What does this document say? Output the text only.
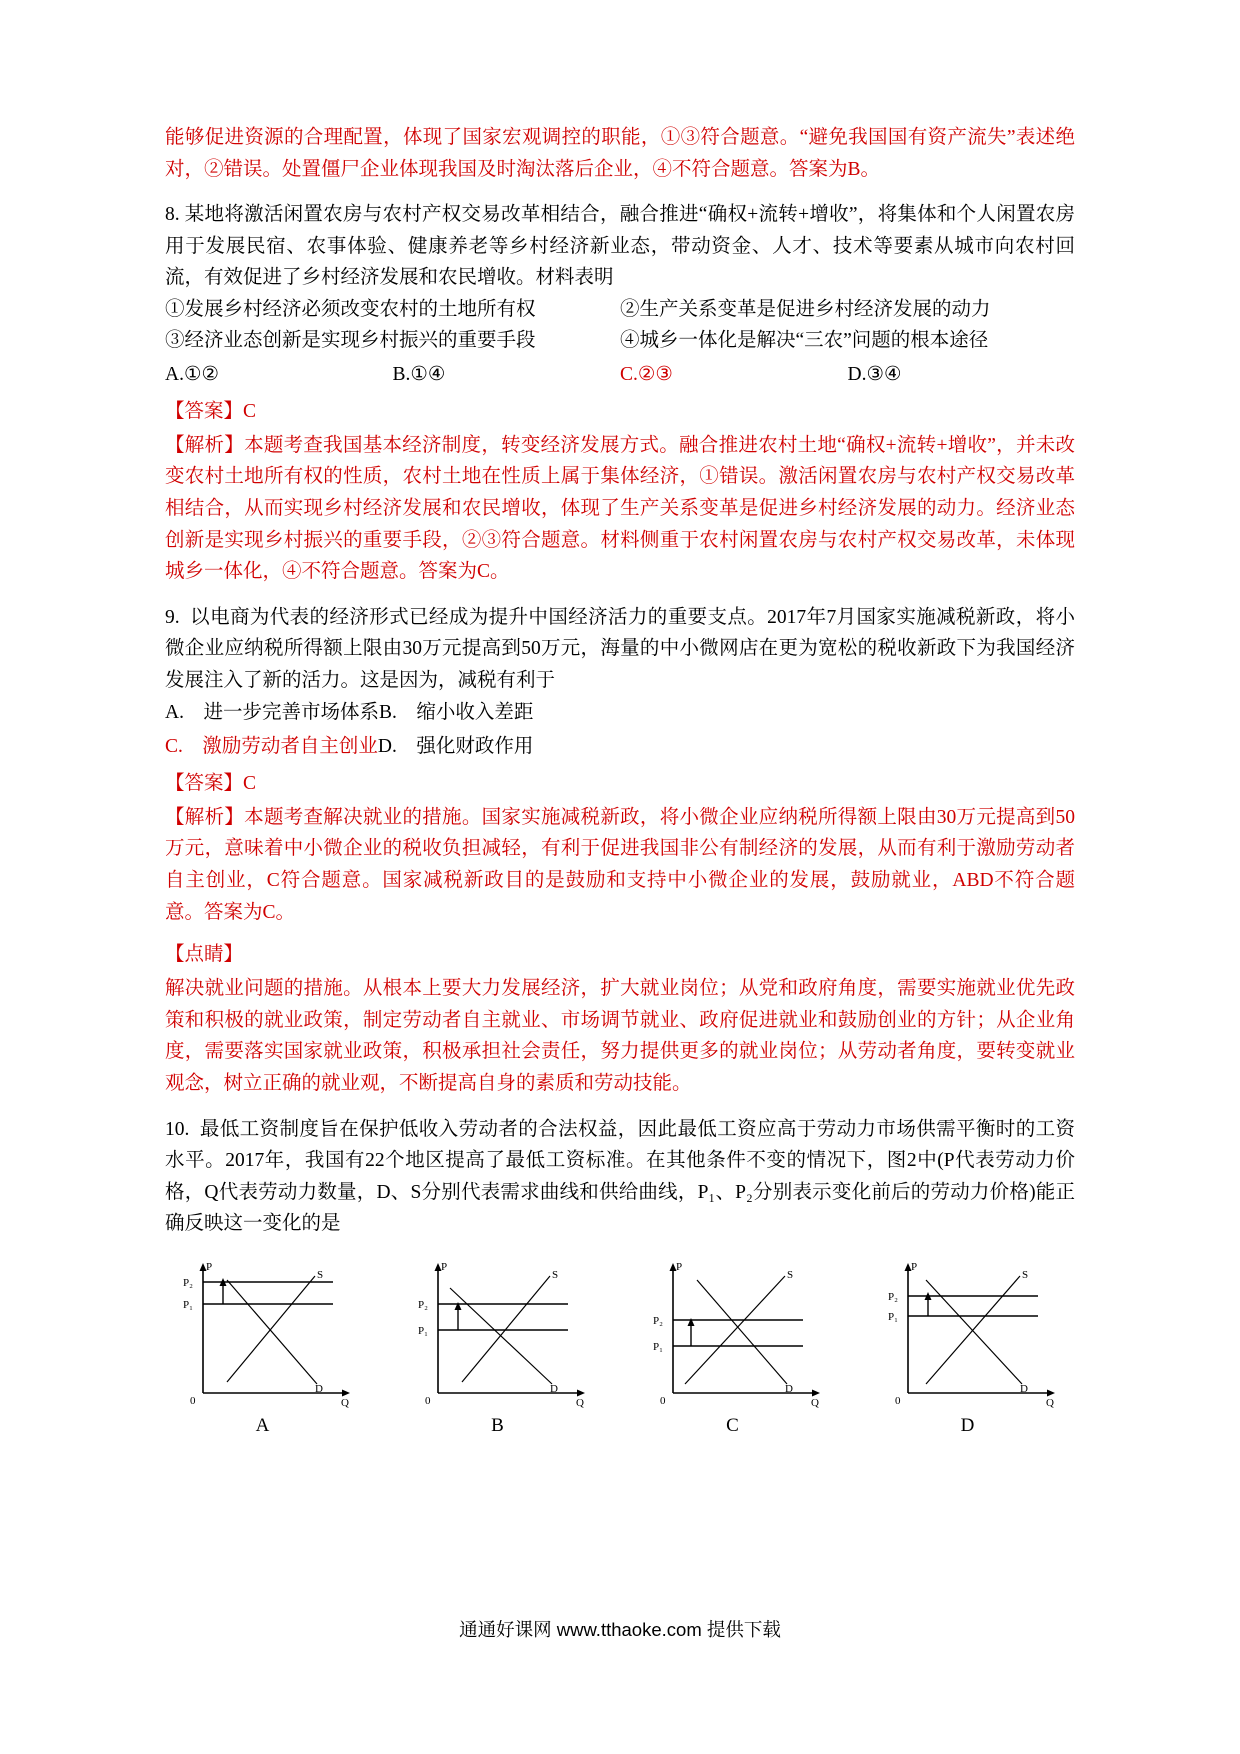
能够促进资源的合理配置，体现了国家宏观调控的职能，①③符合题意。“避免我国国有资产流失”表述绝对，②错误。处置僵尸企业体现我国及时淘汰落后企业，④不符合题意。答案为B。
8. 某地将激活闲置农房与农村产权交易改革相结合，融合推进“确权+流转+增收”，将集体和个人闲置农房用于发展民宿、农事体验、健康养老等乡村经济新业态，带动资金、人才、技术等要素从城市向农村回流，有效促进了乡村经济发展和农民增收。材料表明
①发展乡村经济必须改变农村的土地所有权	②生产关系变革是促进乡村经济发展的动力
③经济业态创新是实现乡村振兴的重要手段	④城乡一体化是解决“三农”问题的根本途径
A.①②	B.①④	C.②③	D.③④
【答案】C
【解析】本题考查我国基本经济制度，转变经济发展方式。融合推进农村土地“确权+流转+增收”，并未改变农村土地所有权的性质，农村土地在性质上属于集体经济，①错误。激活闲置农房与农村产权交易改革相结合，从而实现乡村经济发展和农民增收，体现了生产关系变革是促进乡村经济发展的动力。经济业态创新是实现乡村振兴的重要手段，②③符合题意。材料侧重于农村闲置农房与农村产权交易改革，未体现城乡一体化，④不符合题意。答案为C。
9. 以电商为代表的经济形式已经成为提升中国经济活力的重要支点。2017年7月国家实施减税新政，将小微企业应纳税所得额上限由30万元提高到50万元，海量的中小微网店在更为宽松的税收新政下为我国经济发展注入了新的活力。这是因为，减税有利于
A.　进一步完善市场体系 B.　缩小收入差距
C.　激励劳动者自主创业 D.　强化财政作用
【答案】C
【解析】本题考查解决就业的措施。国家实施减税新政，将小微企业应纳税所得额上限由30万元提高到50万元，意味着中小微企业的税收负担减轻，有利于促进我国非公有制经济的发展，从而有利于激励劳动者自主创业，C符合题意。国家减税新政目的是鼓励和支持中小微企业的发展，鼓励就业，ABD不符合题意。答案为C。
【点睛】
解决就业问题的措施。从根本上要大力发展经济，扩大就业岗位；从党和政府角度，需要实施就业优先政策和积极的就业政策，制定劳动者自主就业、市场调节就业、政府促进就业和鼓励创业的方针；从企业角度，需要落实国家就业政策，积极承担社会责任，努力提供更多的就业岗位；从劳动者角度，要转变就业观念，树立正确的就业观，不断提高自身的素质和劳动技能。
10. 最低工资制度旨在保护低收入劳动者的合法权益，因此最低工资应高于劳动力市场供需平衡时的工资水平。2017年，我国有22个地区提高了最低工资标准。在其他条件不变的情况下，图2中(P代表劳动力价格，Q代表劳动力数量，D、S分别代表需求曲线和供给曲线，P₁、P₂分别表示变化前后的劳动力价格)能正确反映这一变化的是
P
Q
0
P₂
P₁
S
D
A
P
Q
0
P₂
P₁
S
D
B
P
Q
0
P₂
P₁
S
D
C
P
Q
0
P₂
P₁
S
D
D
通通好课网 www.tthaoke.com 提供下载
